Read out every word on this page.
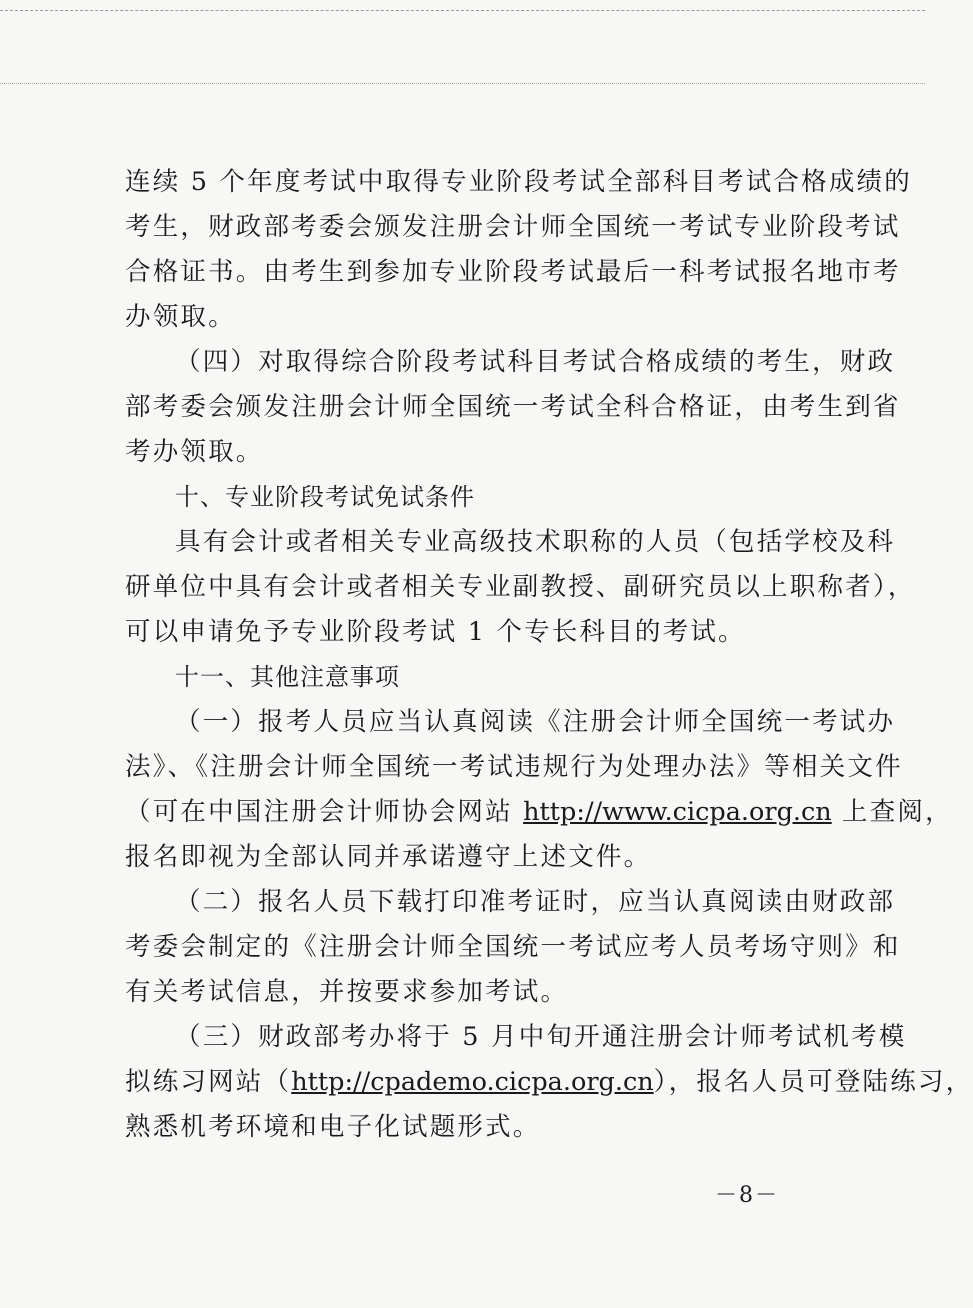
连续 5 个年度考试中取得专业阶段考试全部科目考试合格成绩的
考生，财政部考委会颁发注册会计师全国统一考试专业阶段考试
合格证书。由考生到参加专业阶段考试最后一科考试报名地市考
办领取。
（四）对取得综合阶段考试科目考试合格成绩的考生，财政
部考委会颁发注册会计师全国统一考试全科合格证，由考生到省
考办领取。
十、专业阶段考试免试条件
具有会计或者相关专业高级技术职称的人员（包括学校及科
研单位中具有会计或者相关专业副教授、副研究员以上职称者），
可以申请免予专业阶段考试 1 个专长科目的考试。
十一、其他注意事项
（一）报考人员应当认真阅读《注册会计师全国统一考试办
法》、《注册会计师全国统一考试违规行为处理办法》等相关文件
（可在中国注册会计师协会网站 http://www.cicpa.org.cn 上查阅，
报名即视为全部认同并承诺遵守上述文件。
（二）报名人员下载打印准考证时，应当认真阅读由财政部
考委会制定的《注册会计师全国统一考试应考人员考场守则》和
有关考试信息，并按要求参加考试。
（三）财政部考办将于 5 月中旬开通注册会计师考试机考模
拟练习网站（http://cpademo.cicpa.org.cn），报名人员可登陆练习，
熟悉机考环境和电子化试题形式。
－8－
